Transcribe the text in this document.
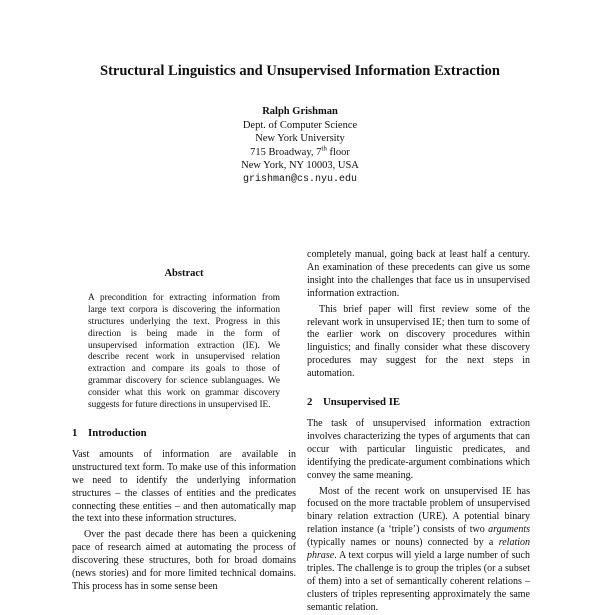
Structural Linguistics and Unsupervised Information Extraction
Ralph Grishman
Dept. of Computer Science
New York University
715 Broadway, 7th floor
New York, NY 10003, USA
grishman@cs.nyu.edu
Abstract

A precondition for extracting information from large text corpora is discovering the information structures underlying the text. Progress in this direction is being made in the form of unsupervised information extraction (IE). We describe recent work in unsupervised relation extraction and compare its goals to those of grammar discovery for science sublanguages. We consider what this work on grammar discovery suggests for future directions in unsupervised IE.

1 Introduction

Vast amounts of information are available in unstructured text form. To make use of this information we need to identify the underlying information structures – the classes of entities and the predicates connecting these entities – and then automatically map the text into these information structures.

Over the past decade there has been a quickening pace of research aimed at automating the process of discovering these structures, both for broad domains (news stories) and for more limited technical domains. This process has in some sense been

completely manual, going back at least half a century. An examination of these precedents can give us some insight into the challenges that face us in unsupervised information extraction.

This brief paper will first review some of the relevant work in unsupervised IE; then turn to some of the earlier work on discovery procedures within linguistics; and finally consider what these discovery procedures may suggest for the next steps in automation.

2 Unsupervised IE

The task of unsupervised information extraction involves characterizing the types of arguments that can occur with particular linguistic predicates, and identifying the predicate-argument combinations which convey the same meaning.

Most of the recent work on unsupervised IE has focused on the more tractable problem of unsupervised binary relation extraction (URE). A potential binary relation instance (a ‘triple’) consists of two arguments (typically names or nouns) connected by a relation phrase. A text corpus will yield a large number of such triples. The challenge is to group the triples (or a subset of them) into a set of semantically coherent relations – clusters of triples representing approximately the same semantic relation.
